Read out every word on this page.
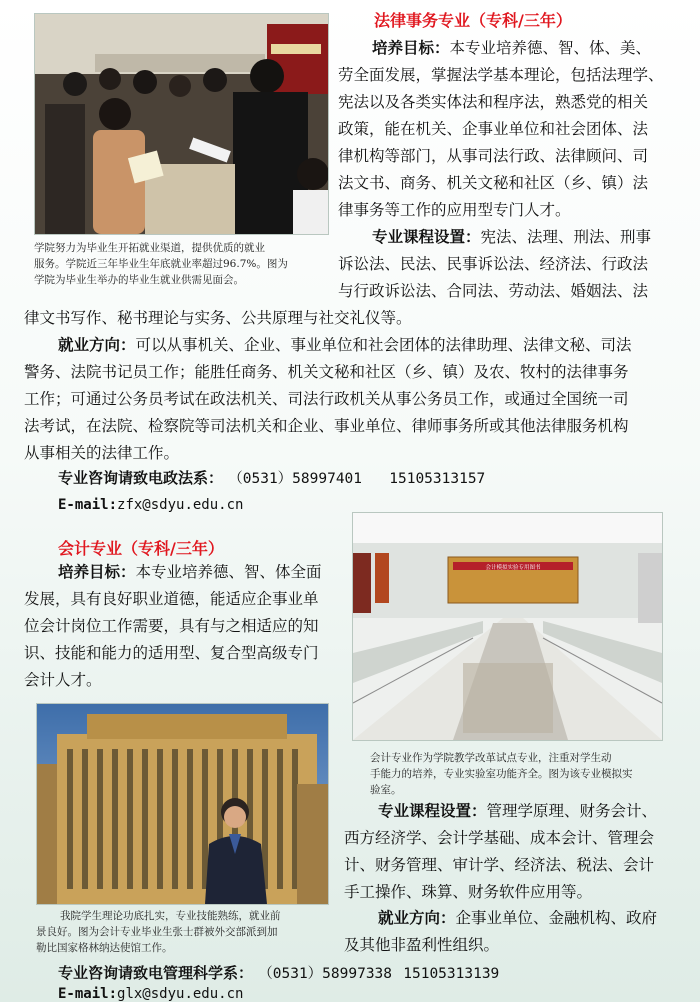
学院努力为毕业生开拓就业渠道，提供优质的就业
服务。学院近三年毕业生年底就业率超过96.7%。图为
学院为毕业生举办的毕业生就业供需见面会。
法律事务专业（专科/三年）
培养目标：本专业培养德、智、体、美、
劳全面发展，掌握法学基本理论，包括法理学、
宪法以及各类实体法和程序法，熟悉党的相关
政策，能在机关、企事业单位和社会团体、法
律机构等部门，从事司法行政、法律顾问、司
法文书、商务、机关文秘和社区（乡、镇）法
律事务等工作的应用型专门人才。
专业课程设置：宪法、法理、刑法、刑事
诉讼法、民法、民事诉讼法、经济法、行政法
与行政诉讼法、合同法、劳动法、婚姻法、法
律文书写作、秘书理论与实务、公共原理与社交礼仪等。
就业方向：可以从事机关、企业、事业单位和社会团体的法律助理、法律文秘、司法
警务、法院书记员工作；能胜任商务、机关文秘和社区（乡、镇）及农、牧村的法律事务
工作；可通过公务员考试在政法机关、司法行政机关从事公务员工作，或通过全国统一司
法考试，在法院、检察院等司法机关和企业、事业单位、律师事务所或其他法律服务机构
从事相关的法律工作。
专业咨询请致电政法系： （0531）58997401 15105313157
E-mail:zfx@sdyu.edu.cn
会计专业（专科/三年）
培养目标：本专业培养德、智、体全面
发展，具有良好职业道德，能适应企事业单
位会计岗位工作需要，具有与之相适应的知
识、技能和能力的适用型、复合型高级专门
会计人才。
会计模拟实验专用图书
会计专业作为学院教学改革试点专业，注重对学生动
手能力的培养，专业实验室功能齐全。图为该专业模拟实
验室。
我院学生理论功底扎实，专业技能熟练，就业前
景良好。图为会计专业毕业生张士群被外交部派到加
勒比国家格林纳达使馆工作。
专业课程设置：管理学原理、财务会计、
西方经济学、会计学基础、成本会计、管理会
计、财务管理、审计学、经济法、税法、会计
手工操作、珠算、财务软件应用等。
就业方向：企事业单位、金融机构、政府
及其他非盈利性组织。
专业咨询请致电管理科学系： （0531）58997338 15105313139
E-mail:glx@sdyu.edu.cn
